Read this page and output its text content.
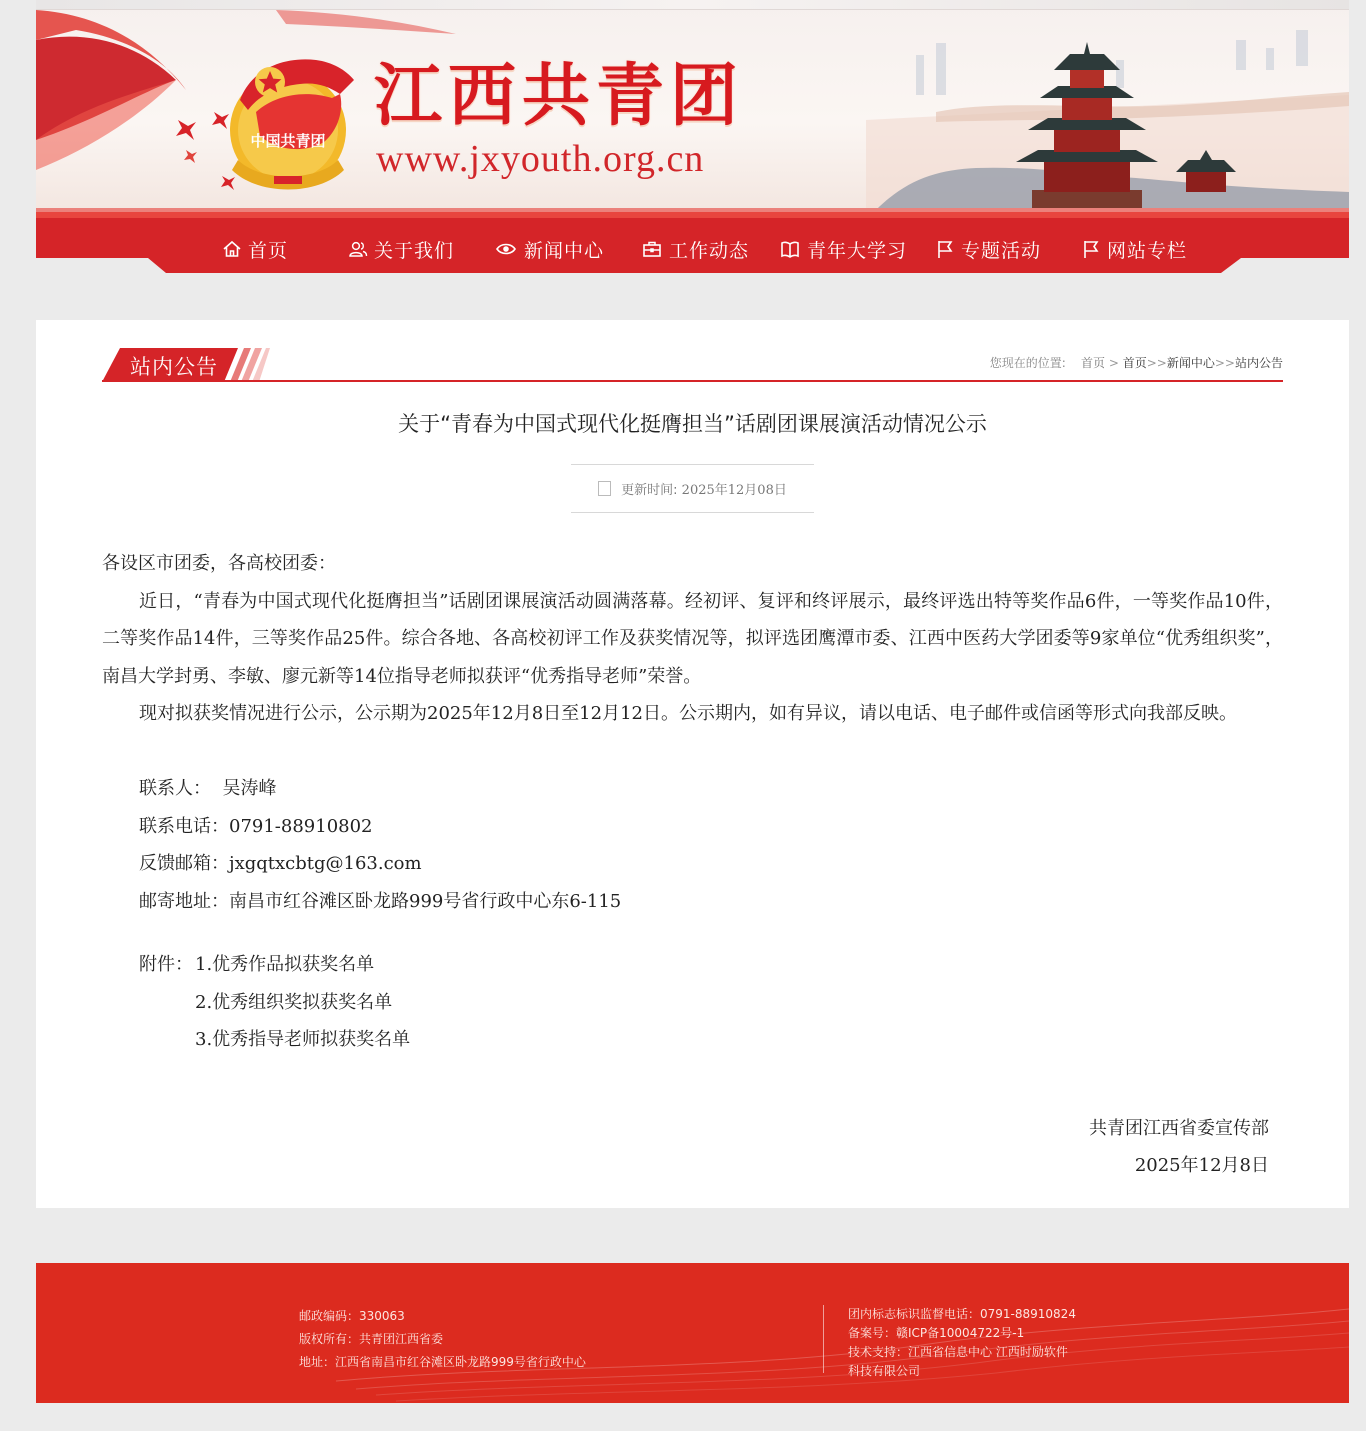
中国共青团
江西共青团
www.jxyouth.org.cn
首页	关于我们	新闻中心	工作动态	青年大学习	专题活动	网站专栏
站内公告	您现在的位置: 首页 > 首页>>新闻中心>>站内公告
关于“青春为中国式现代化挺膺担当”话剧团课展演活动情况公示
更新时间:
2025年12月08日

各设区市团委，各高校团委：

近日，“青春为中国式现代化挺膺担当”话剧团课展演活动圆满落幕。经初评、复评和终评展示，最终评选出特等奖作品6件，一等奖作品10件，二等奖作品14件，三等奖作品25件。综合各地、各高校初评工作及获奖情况等，拟评选团鹰潭市委、江西中医药大学团委等9家单位“优秀组织奖”，南昌大学封勇、李敏、廖元新等14位指导老师拟获评“优秀指导老师”荣誉。

现对拟获奖情况进行公示，公示期为2025年12月8日至12月12日。公示期内，如有异议，请以电话、电子邮件或信函等形式向我部反映。

联系人：  吴涛峰

联系电话：0791-88910802

反馈邮箱：jxgqtxcbtg@163.com

邮寄地址：南昌市红谷滩区卧龙路999号省行政中心东6-115

附件： 1.优秀作品拟获奖名单
2.优秀组织奖拟获奖名单
3.优秀指导老师拟获奖名单

共青团江西省委宣传部

2025年12月8日

邮政编码：330063
版权所有：共青团江西省委
地址：江西省南昌市红谷滩区卧龙路999号省行政中心
团内标志标识监督电话：0791-88910824
备案号：赣ICP备10004722号-1
技术支持：江西省信息中心 江西时励软件
科技有限公司
